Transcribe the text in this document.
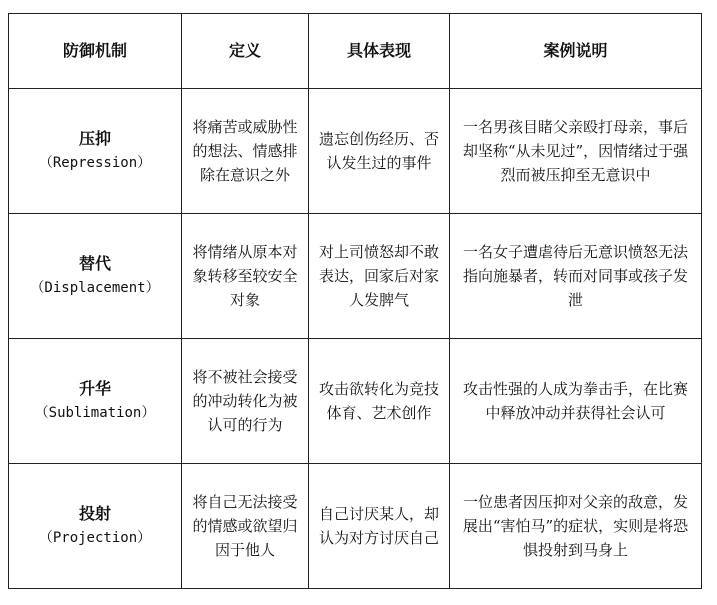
防御机制	定义	具体表现	案例说明

压抑
（Repression）	将痛苦或威胁性的想法、情感排除在意识之外	遗忘创伤经历、否认发生过的事件	一名男孩目睹父亲殴打母亲，事后却坚称“从未见过”，因情绪过于强烈而被压抑至无意识中

替代
（Displacement）	将情绪从原本对象转移至较安全对象	对上司愤怒却不敢表达，回家后对家人发脾气	一名女子遭虐待后无意识愤怒无法指向施暴者，转而对同事或孩子发泄

升华
（Sublimation）	将不被社会接受的冲动转化为被认可的行为	攻击欲转化为竞技体育、艺术创作	攻击性强的人成为拳击手，在比赛中释放冲动并获得社会认可

投射
（Projection）	将自己无法接受的情感或欲望归因于他人	自己讨厌某人，却认为对方讨厌自己	一位患者因压抑对父亲的敌意，发展出“害怕马”的症状，实则是将恐惧投射到马身上
